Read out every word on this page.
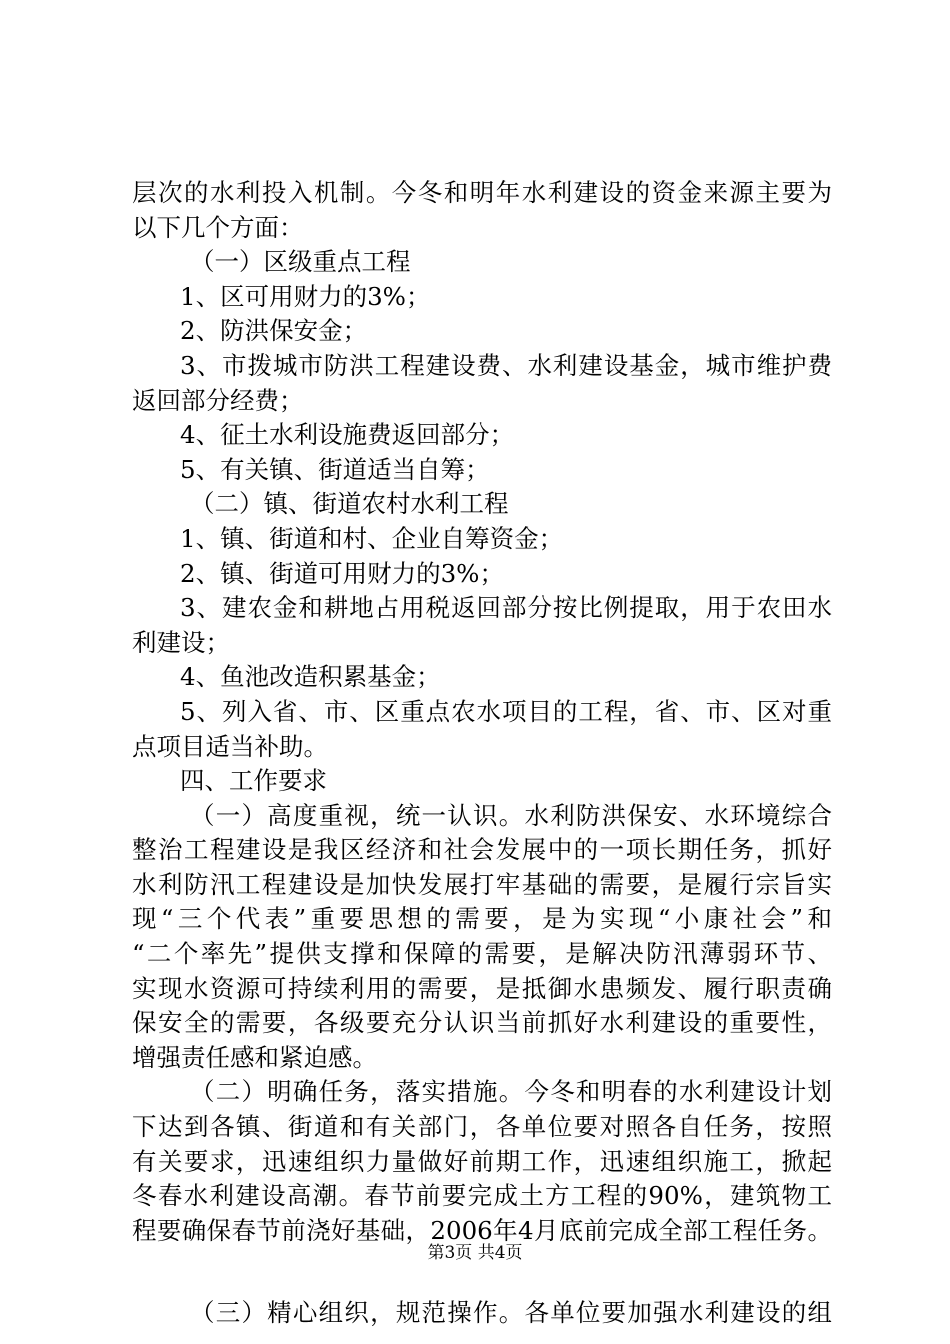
层次的水利投入机制。今冬和明年水利建设的资金来源主要为
以下几个方面：
（一）区级重点工程
1、区可用财力的3%；
2、防洪保安金；
3、市拨城市防洪工程建设费、水利建设基金，城市维护费
返回部分经费；
4、征土水利设施费返回部分；
5、有关镇、街道适当自筹；
（二）镇、街道农村水利工程
1、镇、街道和村、企业自筹资金；
2、镇、街道可用财力的3%；
3、建农金和耕地占用税返回部分按比例提取，用于农田水
利建设；
4、鱼池改造积累基金；
5、列入省、市、区重点农水项目的工程，省、市、区对重
点项目适当补助。
四、工作要求
（一）高度重视，统一认识。水利防洪保安、水环境综合
整治工程建设是我区经济和社会发展中的一项长期任务，抓好
水利防汛工程建设是加快发展打牢基础的需要，是履行宗旨实
现“三个代表”重要思想的需要，是为实现“小康社会”和
“二个率先”提供支撑和保障的需要，是解决防汛薄弱环节、
实现水资源可持续利用的需要，是抵御水患频发、履行职责确
保安全的需要，各级要充分认识当前抓好水利建设的重要性，
增强责任感和紧迫感。
（二）明确任务，落实措施。今冬和明春的水利建设计划
下达到各镇、街道和有关部门，各单位要对照各自任务，按照
有关要求，迅速组织力量做好前期工作，迅速组织施工，掀起
冬春水利建设高潮。春节前要完成土方工程的90%，建筑物工
程要确保春节前浇好基础，2006年4月底前完成全部工程任务。
（三）精心组织，规范操作。各单位要加强水利建设的组
第3页 共4页
